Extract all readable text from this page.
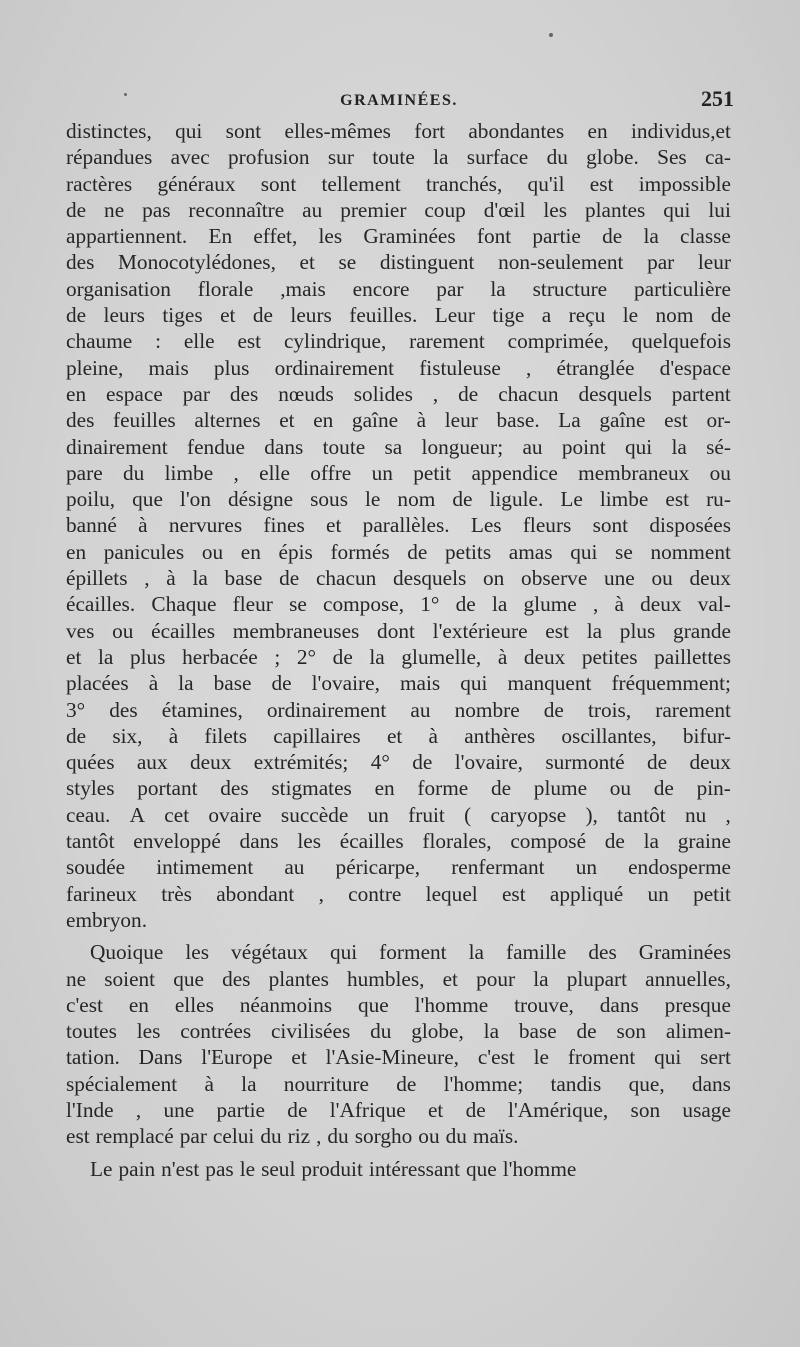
GRAMINÉES.	251
distinctes, qui sont elles-mêmes fort abondantes en individus,et
répandues avec profusion sur toute la surface du globe. Ses ca-
ractères généraux sont tellement tranchés, qu'il est impossible
de ne pas reconnaître au premier coup d'œil les plantes qui lui
appartiennent. En effet, les Graminées font partie de la classe
des Monocotylédones, et se distinguent non-seulement par leur
organisation florale ,mais encore par la structure particulière
de leurs tiges et de leurs feuilles. Leur tige a reçu le nom de
chaume : elle est cylindrique, rarement comprimée, quelquefois
pleine, mais plus ordinairement fistuleuse , étranglée d'espace
en espace par des nœuds solides , de chacun desquels partent
des feuilles alternes et en gaîne à leur base. La gaîne est or-
dinairement fendue dans toute sa longueur; au point qui la sé-
pare du limbe , elle offre un petit appendice membraneux ou
poilu, que l'on désigne sous le nom de ligule. Le limbe est ru-
banné à nervures fines et parallèles. Les fleurs sont disposées
en panicules ou en épis formés de petits amas qui se nomment
épillets , à la base de chacun desquels on observe une ou deux
écailles. Chaque fleur se compose, 1° de la glume , à deux val-
ves ou écailles membraneuses dont l'extérieure est la plus grande
et la plus herbacée ; 2° de la glumelle, à deux petites paillettes
placées à la base de l'ovaire, mais qui manquent fréquemment;
3° des étamines, ordinairement au nombre de trois, rarement
de six, à filets capillaires et à anthères oscillantes, bifur-
quées aux deux extrémités; 4° de l'ovaire, surmonté de deux
styles portant des stigmates en forme de plume ou de pin-
ceau. A cet ovaire succède un fruit ( caryopse ), tantôt nu ,
tantôt enveloppé dans les écailles florales, composé de la graine
soudée intimement au péricarpe, renfermant un endosperme
farineux très abondant , contre lequel est appliqué un petit
embryon.
Quoique les végétaux qui forment la famille des Graminées
ne soient que des plantes humbles, et pour la plupart annuelles,
c'est en elles néanmoins que l'homme trouve, dans presque
toutes les contrées civilisées du globe, la base de son alimen-
tation. Dans l'Europe et l'Asie-Mineure, c'est le froment qui sert
spécialement à la nourriture de l'homme; tandis que, dans
l'Inde , une partie de l'Afrique et de l'Amérique, son usage
est remplacé par celui du riz , du sorgho ou du maïs.
Le pain n'est pas le seul produit intéressant que l'homme
